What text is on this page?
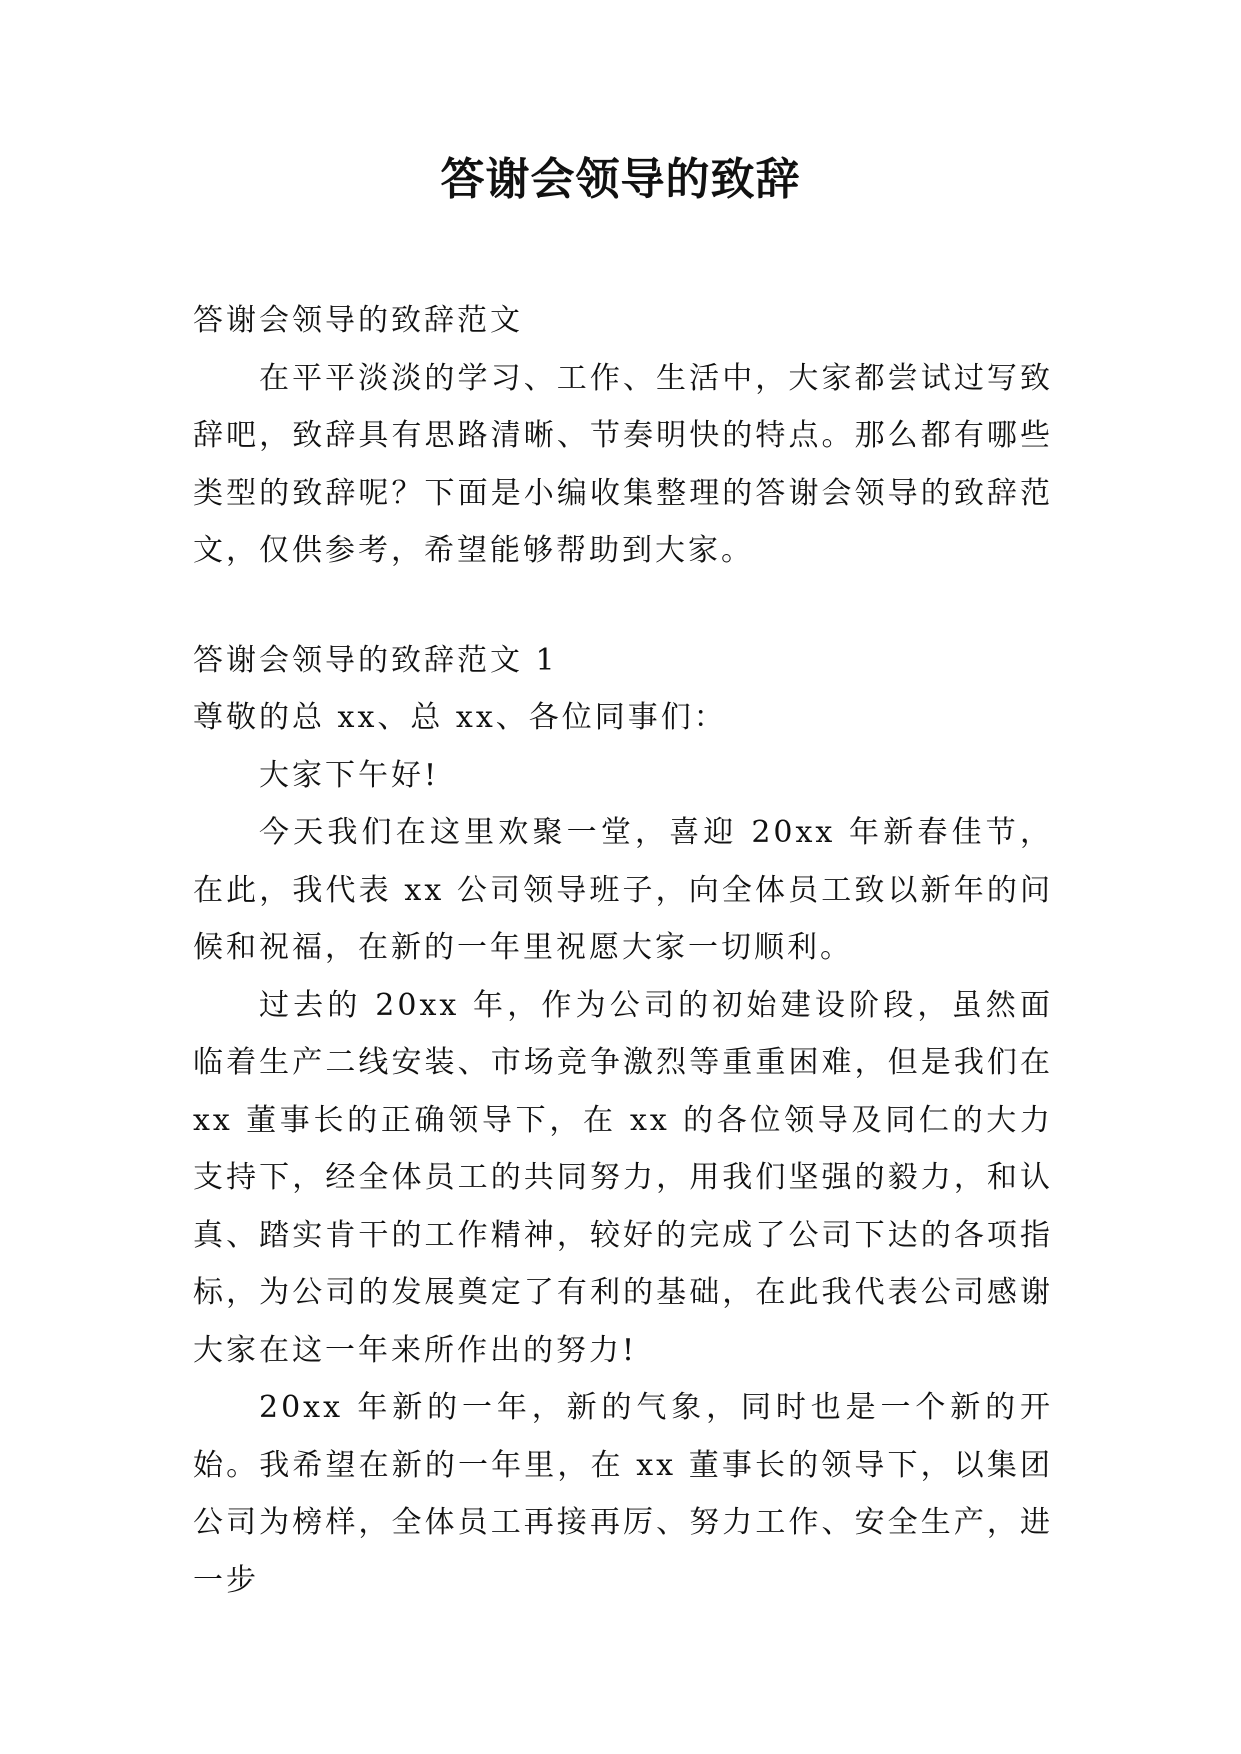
答谢会领导的致辞

答谢会领导的致辞范文

在平平淡淡的学习、工作、生活中，大家都尝试过写致辞吧，致辞具有思路清晰、节奏明快的特点。那么都有哪些类型的致辞呢？下面是小编收集整理的答谢会领导的致辞范文，仅供参考，希望能够帮助到大家。

答谢会领导的致辞范文 1

尊敬的总 xx、总 xx、各位同事们：

大家下午好!

今天我们在这里欢聚一堂，喜迎 20xx 年新春佳节，在此，我代表 xx 公司领导班子，向全体员工致以新年的问候和祝福，在新的一年里祝愿大家一切顺利。

过去的 20xx 年，作为公司的初始建设阶段，虽然面临着生产二线安装、市场竞争激烈等重重困难，但是我们在 xx 董事长的正确领导下，在 xx 的各位领导及同仁的大力支持下，经全体员工的共同努力，用我们坚强的毅力，和认真、踏实肯干的工作精神，较好的完成了公司下达的各项指标，为公司的发展奠定了有利的基础，在此我代表公司感谢大家在这一年来所作出的努力!

20xx 年新的一年，新的气象，同时也是一个新的开始。我希望在新的一年里，在 xx 董事长的领导下，以集团公司为榜样，全体员工再接再厉、努力工作、安全生产，进一步
